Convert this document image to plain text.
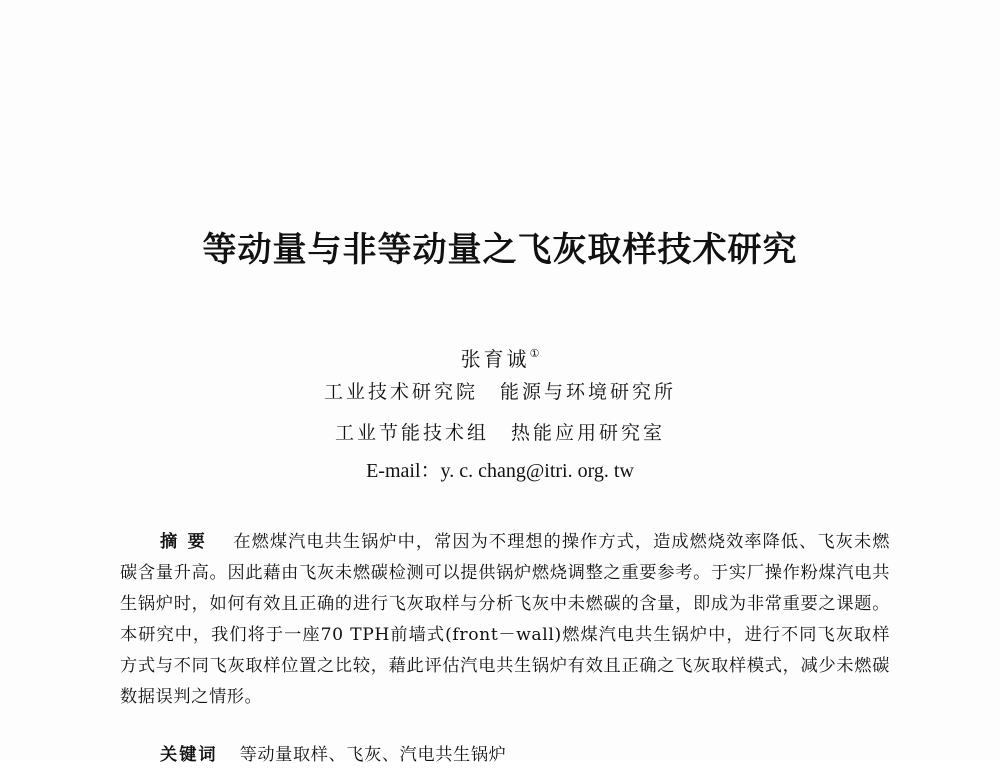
等动量与非等动量之飞灰取样技术研究
张育诚①
工业技术研究院 能源与环境研究所
工业节能技术组 热能应用研究室
E-mail：y. c. chang@itri. org. tw
摘要 在燃煤汽电共生锅炉中，常因为不理想的操作方式，造成燃烧效率降低、飞灰未燃碳含量升高。因此藉由飞灰未燃碳检测可以提供锅炉燃烧调整之重要参考。于实厂操作粉煤汽电共生锅炉时，如何有效且正确的进行飞灰取样与分析飞灰中未燃碳的含量，即成为非常重要之课题。本研究中，我们将于一座70 TPH前墙式(front－wall)燃煤汽电共生锅炉中，进行不同飞灰取样方式与不同飞灰取样位置之比较，藉此评估汽电共生锅炉有效且正确之飞灰取样模式，减少未燃碳数据误判之情形。
关键词 等动量取样、飞灰、汽电共生锅炉
